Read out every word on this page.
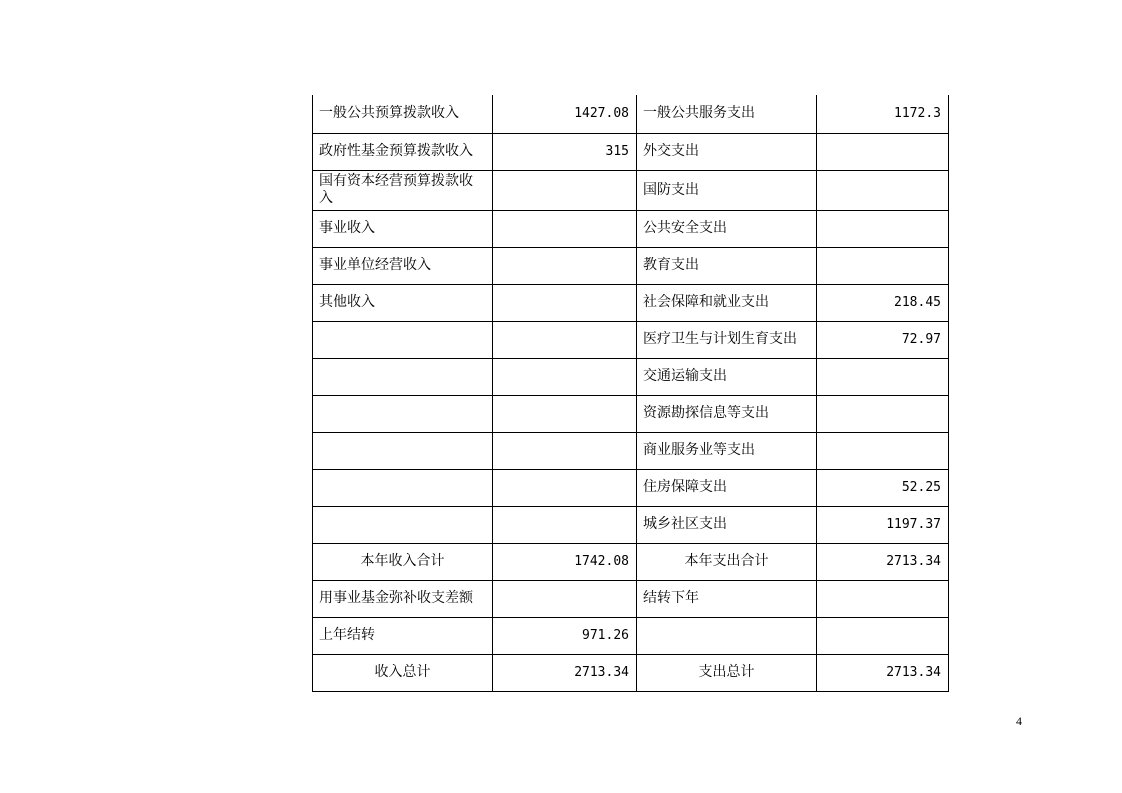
一般公共预算拨款收入	1427.08	一般公共服务支出	1172.3
政府性基金预算拨款收入	315	外交支出	
国有资本经营预算拨款收入		国防支出	
事业收入		公共安全支出	
事业单位经营收入		教育支出	
其他收入		社会保障和就业支出	218.45
		医疗卫生与计划生育支出	72.97
		交通运输支出	
		资源勘探信息等支出	
		商业服务业等支出	
		住房保障支出	52.25
		城乡社区支出	1197.37
本年收入合计	1742.08	本年支出合计	2713.34
用事业基金弥补收支差额		结转下年	
上年结转	971.26		
收入总计	2713.34	支出总计	2713.34
4
